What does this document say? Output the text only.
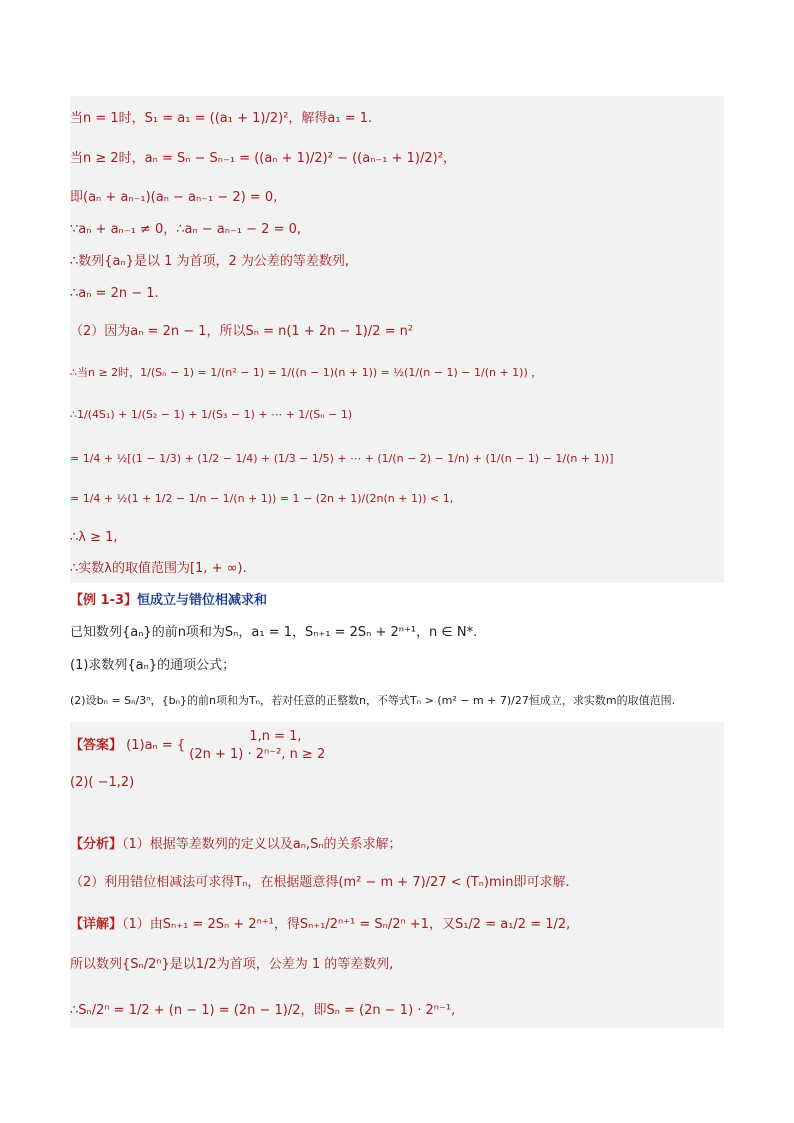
当n = 1时，S₁ = a₁ = ((a₁ + 1)/2)²，解得a₁ = 1.
当n ≥ 2时，aₙ = Sₙ − Sₙ₋₁ = ((aₙ + 1)/2)² − ((aₙ₋₁ + 1)/2)²，
即(aₙ + aₙ₋₁)(aₙ − aₙ₋₁ − 2) = 0,
∵aₙ + aₙ₋₁ ≠ 0，∴aₙ − aₙ₋₁ − 2 = 0,
∴数列{aₙ}是以 1 为首项，2 为公差的等差数列,
∴aₙ = 2n − 1.
（2）因为aₙ = 2n − 1，所以Sₙ = n(1 + 2n − 1)/2 = n²
∴当n ≥ 2时，1/(Sₙ − 1) = 1/(n² − 1) = 1/((n − 1)(n + 1)) = ½(1/(n − 1) − 1/(n + 1)) ，
∴1/(4S₁) + 1/(S₂ − 1) + 1/(S₃ − 1) + ⋯ + 1/(Sₙ − 1)
= 1/4 + ½[(1 − 1/3) + (1/2 − 1/4) + (1/3 − 1/5) + ⋯ + (1/(n − 2) − 1/n) + (1/(n − 1) − 1/(n + 1))]
= 1/4 + ½(1 + 1/2 − 1/n − 1/(n + 1)) = 1 − (2n + 1)/(2n(n + 1)) < 1,
∴λ ≥ 1,
∴实数λ的取值范围为[1, + ∞).
【例 1-3】恒成立与错位相减求和
已知数列{aₙ}的前n项和为Sₙ，a₁ = 1，Sₙ₊₁ = 2Sₙ + 2ⁿ⁺¹，n ∈ N*.
(1)求数列{aₙ}的通项公式；
(2)设bₙ = Sₙ/3ⁿ，{bₙ}的前n项和为Tₙ，若对任意的正整数n，不等式Tₙ > (m² − m + 7)/27恒成立，求实数m的取值范围.
【答案】 (1)aₙ = {
1,n = 1,
(2n + 1) · 2ⁿ⁻², n ≥ 2
(2)( −1,2)
【分析】（1）根据等差数列的定义以及aₙ,Sₙ的关系求解；
（2）利用错位相减法可求得Tₙ，在根据题意得(m² − m + 7)/27 < (Tₙ)min即可求解.
【详解】（1）由Sₙ₊₁ = 2Sₙ + 2ⁿ⁺¹，得Sₙ₊₁/2ⁿ⁺¹ = Sₙ/2ⁿ +1，又S₁/2 = a₁/2 = 1/2,
所以数列{Sₙ/2ⁿ}是以1/2为首项，公差为 1 的等差数列,
∴Sₙ/2ⁿ = 1/2 + (n − 1) = (2n − 1)/2，即Sₙ = (2n − 1) · 2ⁿ⁻¹,
